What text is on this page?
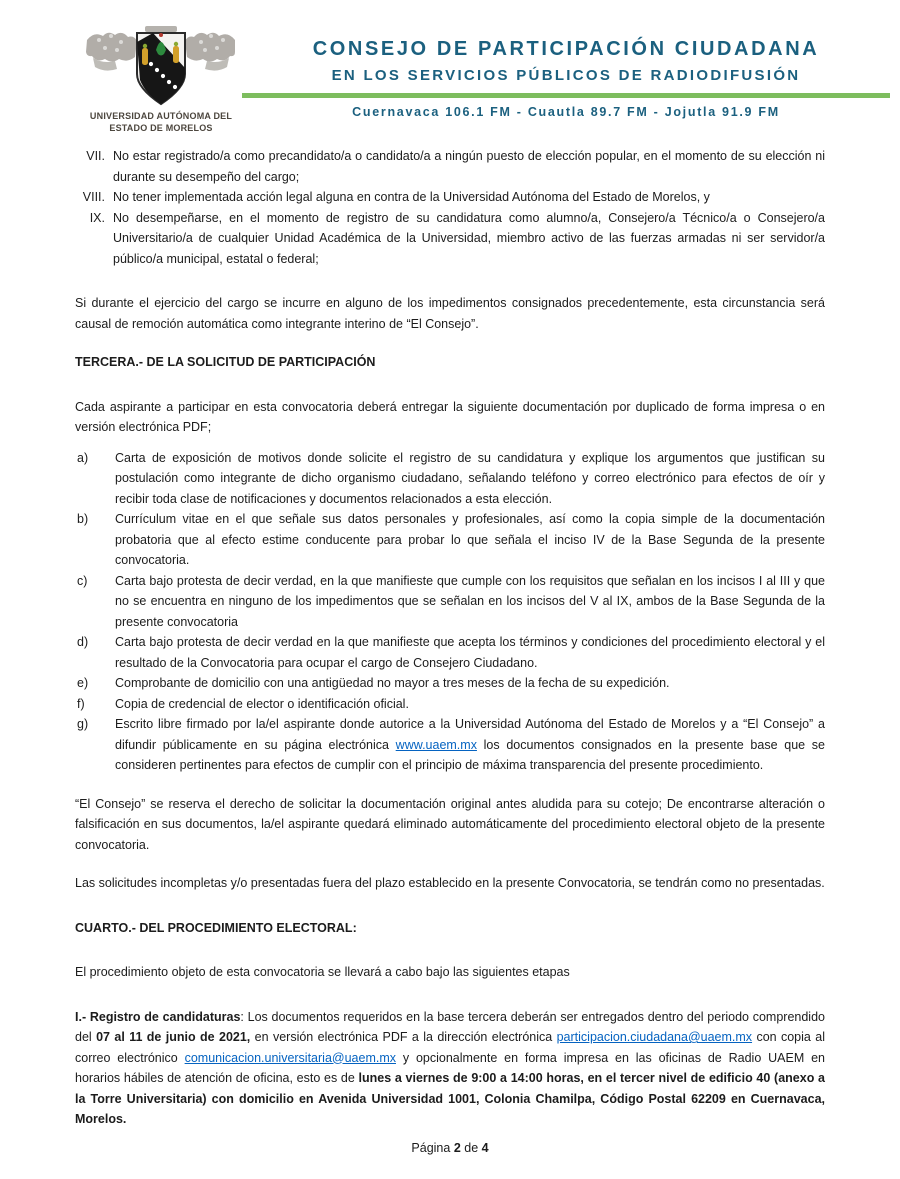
UNIVERSIDAD AUTÓNOMA DEL
ESTADO DE MORELOS
CONSEJO DE PARTICIPACIÓN CIUDADANA
EN LOS SERVICIOS PÚBLICOS DE RADIODIFUSIÓN
Cuernavaca 106.1 FM - Cuautla 89.7 FM - Jojutla 91.9 FM
VII. No estar registrado/a como precandidato/a o candidato/a a ningún puesto de elección popular, en el momento de su elección ni durante su desempeño del cargo;
VIII. No tener implementada acción legal alguna en contra de la Universidad Autónoma del Estado de Morelos, y
IX. No desempeñarse, en el momento de registro de su candidatura como alumno/a, Consejero/a Técnico/a o Consejero/a Universitario/a de cualquier Unidad Académica de la Universidad, miembro activo de las fuerzas armadas ni ser servidor/a público/a municipal, estatal o federal;
Si durante el ejercicio del cargo se incurre en alguno de los impedimentos consignados precedentemente, esta circunstancia será causal de remoción automática como integrante interino de “El Consejo”.
TERCERA.- DE LA SOLICITUD DE PARTICIPACIÓN
Cada aspirante a participar en esta convocatoria deberá entregar la siguiente documentación por duplicado de forma impresa o en versión electrónica PDF;
a)	Carta de exposición de motivos donde solicite el registro de su candidatura y explique los argumentos que justifican su postulación como integrante de dicho organismo ciudadano, señalando teléfono y correo electrónico para efectos de oír y recibir toda clase de notificaciones y documentos relacionados a esta elección.
b)	Currículum vitae en el que señale sus datos personales y profesionales, así como la copia simple de la documentación probatoria que al efecto estime conducente para probar lo que señala el inciso IV de la Base Segunda de la presente convocatoria.
c)	Carta bajo protesta de decir verdad, en la que manifieste que cumple con los requisitos que señalan en los incisos I al III y que no se encuentra en ninguno de los impedimentos que se señalan en los incisos del V al IX, ambos de la Base Segunda de la presente convocatoria
d)	Carta bajo protesta de decir verdad en la que manifieste que acepta los términos y condiciones del procedimiento electoral y el resultado de la Convocatoria para ocupar el cargo de Consejero Ciudadano.
e)	Comprobante de domicilio con una antigüedad no mayor a tres meses de la fecha de su expedición.
f)	Copia de credencial de elector o identificación oficial.
g)	Escrito libre firmado por la/el aspirante donde autorice a la Universidad Autónoma del Estado de Morelos y a “El Consejo” a difundir públicamente en su página electrónica www.uaem.mx los documentos consignados en la presente base que se consideren pertinentes para efectos de cumplir con el principio de máxima transparencia del presente procedimiento.
“El Consejo” se reserva el derecho de solicitar la documentación original antes aludida para su cotejo; De encontrarse alteración o falsificación en sus documentos, la/el aspirante quedará eliminado automáticamente del procedimiento electoral objeto de la presente convocatoria.
Las solicitudes incompletas y/o presentadas fuera del plazo establecido en la presente Convocatoria, se tendrán como no presentadas.
CUARTO.- DEL PROCEDIMIENTO ELECTORAL:
El procedimiento objeto de esta convocatoria se llevará a cabo bajo las siguientes etapas
I.- Registro de candidaturas: Los documentos requeridos en la base tercera deberán ser entregados dentro del periodo comprendido del 07 al 11 de junio de 2021, en versión electrónica PDF a la dirección electrónica participacion.ciudadana@uaem.mx con copia al correo electrónico comunicacion.universitaria@uaem.mx y opcionalmente en forma impresa en las oficinas de Radio UAEM en horarios hábiles de atención de oficina, esto es de lunes a viernes de 9:00 a 14:00 horas, en el tercer nivel de edificio 40 (anexo a la Torre Universitaria) con domicilio en Avenida Universidad 1001, Colonia Chamilpa, Código Postal 62209 en Cuernavaca, Morelos.
Página 2 de 4
